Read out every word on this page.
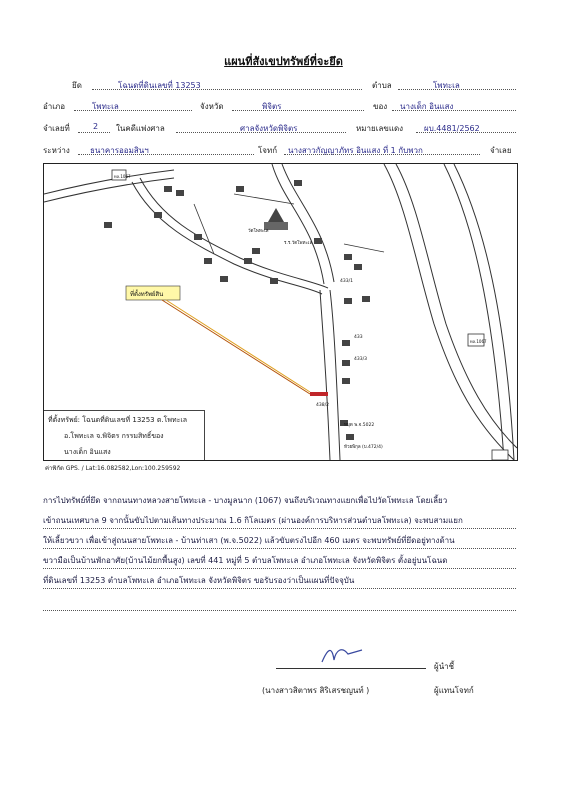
แผนที่สังเขปทรัพย์ที่จะยึด
ยึด	โฉนดที่ดินเลขที่ 13253	ตำบล	โพทะเล
อำเภอ	โพทะเล	จังหวัด	พิจิตร	ของ นางเด็ก อินแสง
จำเลยที่	2 ในคดีแพ่งศาล	ศาลจังหวัดพิจิตร	หมายเลขแดง	ผบ.4481/2562
ระหว่าง	ธนาคารออมสินฯ	โจทก์ นางสาวกัญญาภัทร อินแสง ที่ 1 กับพวก	จำเลย
ที่ตั้งทรัพย์สิน
วัดโพทะเล
ร.ร.วัดโพทะเล
433/1
433
433/3
438/2
หมุด พ.จ.5022
ห้วยพิกุล (บ.472/4)
ทล.1067
ทล.1067
ที่ตั้งทรัพย์: โฉนดที่ดินเลขที่ 13253 ต.โพทะเล
อ.โพทะเล จ.พิจิตร กรรมสิทธิ์ของ
นางเด็ก อินแสง
ค่าพิกัด GPS. / Lat:16.082582,Lon:100.259592
การไปทรัพย์ที่ยึด จากถนนทางหลวงสายโพทะเล - บางมูลนาก (1067) จนถึงบริเวณทางแยกเพื่อไปวัดโพทะเล โดยเลี้ยว
เข้าถนนเทศบาล 9 จากนั้นขับไปตามเส้นทางประมาณ 1.6 กิโลเมตร (ผ่านองค์การบริหารส่วนตำบลโพทะเล) จะพบสามแยก
ให้เลี้ยวขวา เพื่อเข้าสู่ถนนสายโพทะเล - บ้านท่าเสา (พ.จ.5022) แล้วขับตรงไปอีก 460 เมตร จะพบทรัพย์ที่ยึดอยู่ทางด้าน
ขวามือเป็นบ้านพักอาศัย(บ้านไม้ยกพื้นสูง) เลขที่ 441 หมู่ที่ 5 ตำบลโพทะเล อำเภอโพทะเล จังหวัดพิจิตร ตั้งอยู่บนโฉนด
ที่ดินเลขที่ 13253 ตำบลโพทะเล อำเภอโพทะเล จังหวัดพิจิตร ขอรับรองว่าเป็นแผนที่ปัจจุบัน
ผู้นำชี้
(นางสาวสิตาพร สิริเสรชญนท์ )	ผู้แทนโจทก์
